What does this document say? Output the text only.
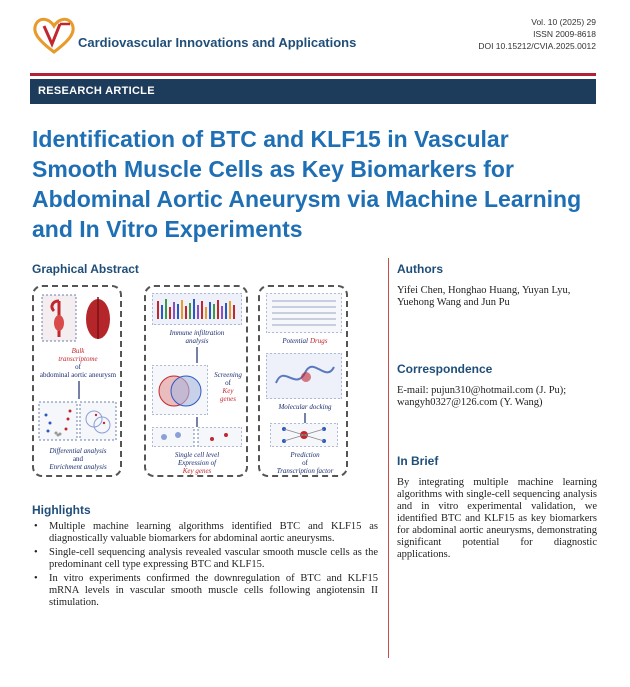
Cardiovascular Innovations and Applications
Vol. 10 (2025) 29
ISSN 2009-8618
DOI 10.15212/CVIA.2025.0012
RESEARCH ARTICLE
Identification of BTC and KLF15 in Vascular Smooth Muscle Cells as Key Biomarkers for Abdominal Aortic Aneurysm via Machine Learning and In Vitro Experiments
Graphical Abstract
Bulk
transcriptome
of
abdominal aortic aneurysm
Differential analysis
and
Enrichment analysis
Immune infiltration
analysis
Screening
of
Key
genes
Single cell level
Expression of
Key genes
Potential Drugs
Molecular docking
Prediction
of
Transcription factor
Highlights
• Multiple machine learning algorithms identified BTC and KLF15 as diagnostically valuable biomarkers for abdominal aortic aneurysms.
• Single-cell sequencing analysis revealed vascular smooth muscle cells as the predominant cell type expressing BTC and KLF15.
• In vitro experiments confirmed the downregulation of BTC and KLF15 mRNA levels in vascular smooth muscle cells following angiotensin II stimulation.
Authors
Yifei Chen, Honghao Huang, Yuyan Lyu, Yuehong Wang and Jun Pu
Correspondence
E-mail: pujun310@hotmail.com (J. Pu); wangyh0327@126.com (Y. Wang)
In Brief
By integrating multiple machine learning algorithms with single-cell sequencing analysis and in vitro experimental validation, we identified BTC and KLF15 as key biomarkers for abdominal aortic aneurysms, demonstrating significant potential for diagnostic applications.
